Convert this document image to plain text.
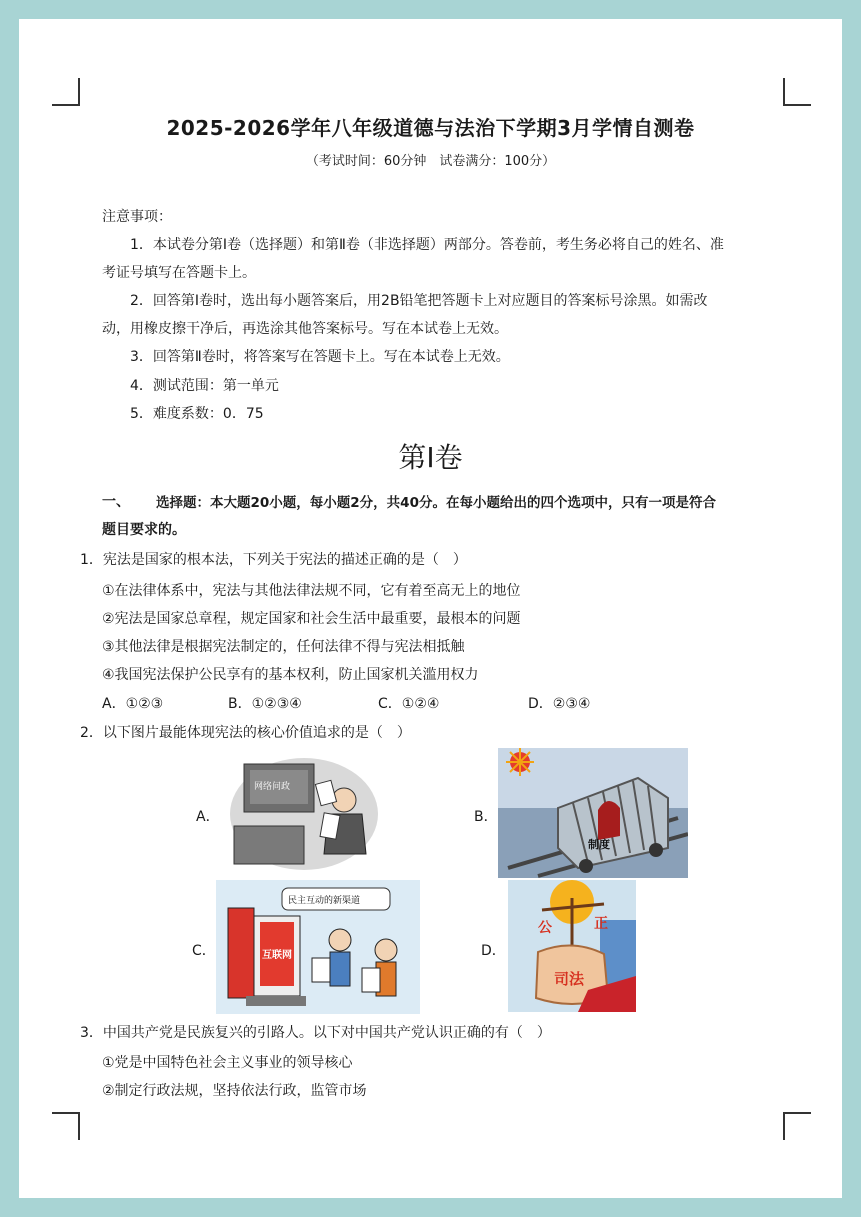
2025-2026学年八年级道德与法治下学期3月学情自测卷
（考试时间：60分钟　试卷满分：100分）
注意事项：
1．本试卷分第Ⅰ卷（选择题）和第Ⅱ卷（非选择题）两部分。答卷前，考生务必将自己的姓名、准
考证号填写在答题卡上。
2．回答第Ⅰ卷时，选出每小题答案后，用2B铅笔把答题卡上对应题目的答案标号涂黑。如需改
动，用橡皮擦干净后，再选涂其他答案标号。写在本试卷上无效。
3．回答第Ⅱ卷时，将答案写在答题卡上。写在本试卷上无效。
4．测试范围：第一单元
5．难度系数：0．75
第Ⅰ卷
一、 选择题：本大题20小题，每小题2分，共40分。在每小题给出的四个选项中，只有一项是符合
题目要求的。
1．宪法是国家的根本法，下列关于宪法的描述正确的是（　）
①在法律体系中，宪法与其他法律法规不同，它有着至高无上的地位
②宪法是国家总章程，规定国家和社会生活中最重要，最根本的问题
③其他法律是根据宪法制定的，任何法律不得与宪法相抵触
④我国宪法保护公民享有的基本权利，防止国家机关滥用权力
A．①②③	B．①②③④	C．①②④	D．②③④
2．以下图片最能体现宪法的核心价值追求的是（　）
A．
网络问政
B．
制度
C．
民主互动的新渠道
互联网	D．
公	正
司法
3．中国共产党是民族复兴的引路人。以下对中国共产党认识正确的有（　）
①党是中国特色社会主义事业的领导核心
②制定行政法规，坚持依法行政，监管市场
